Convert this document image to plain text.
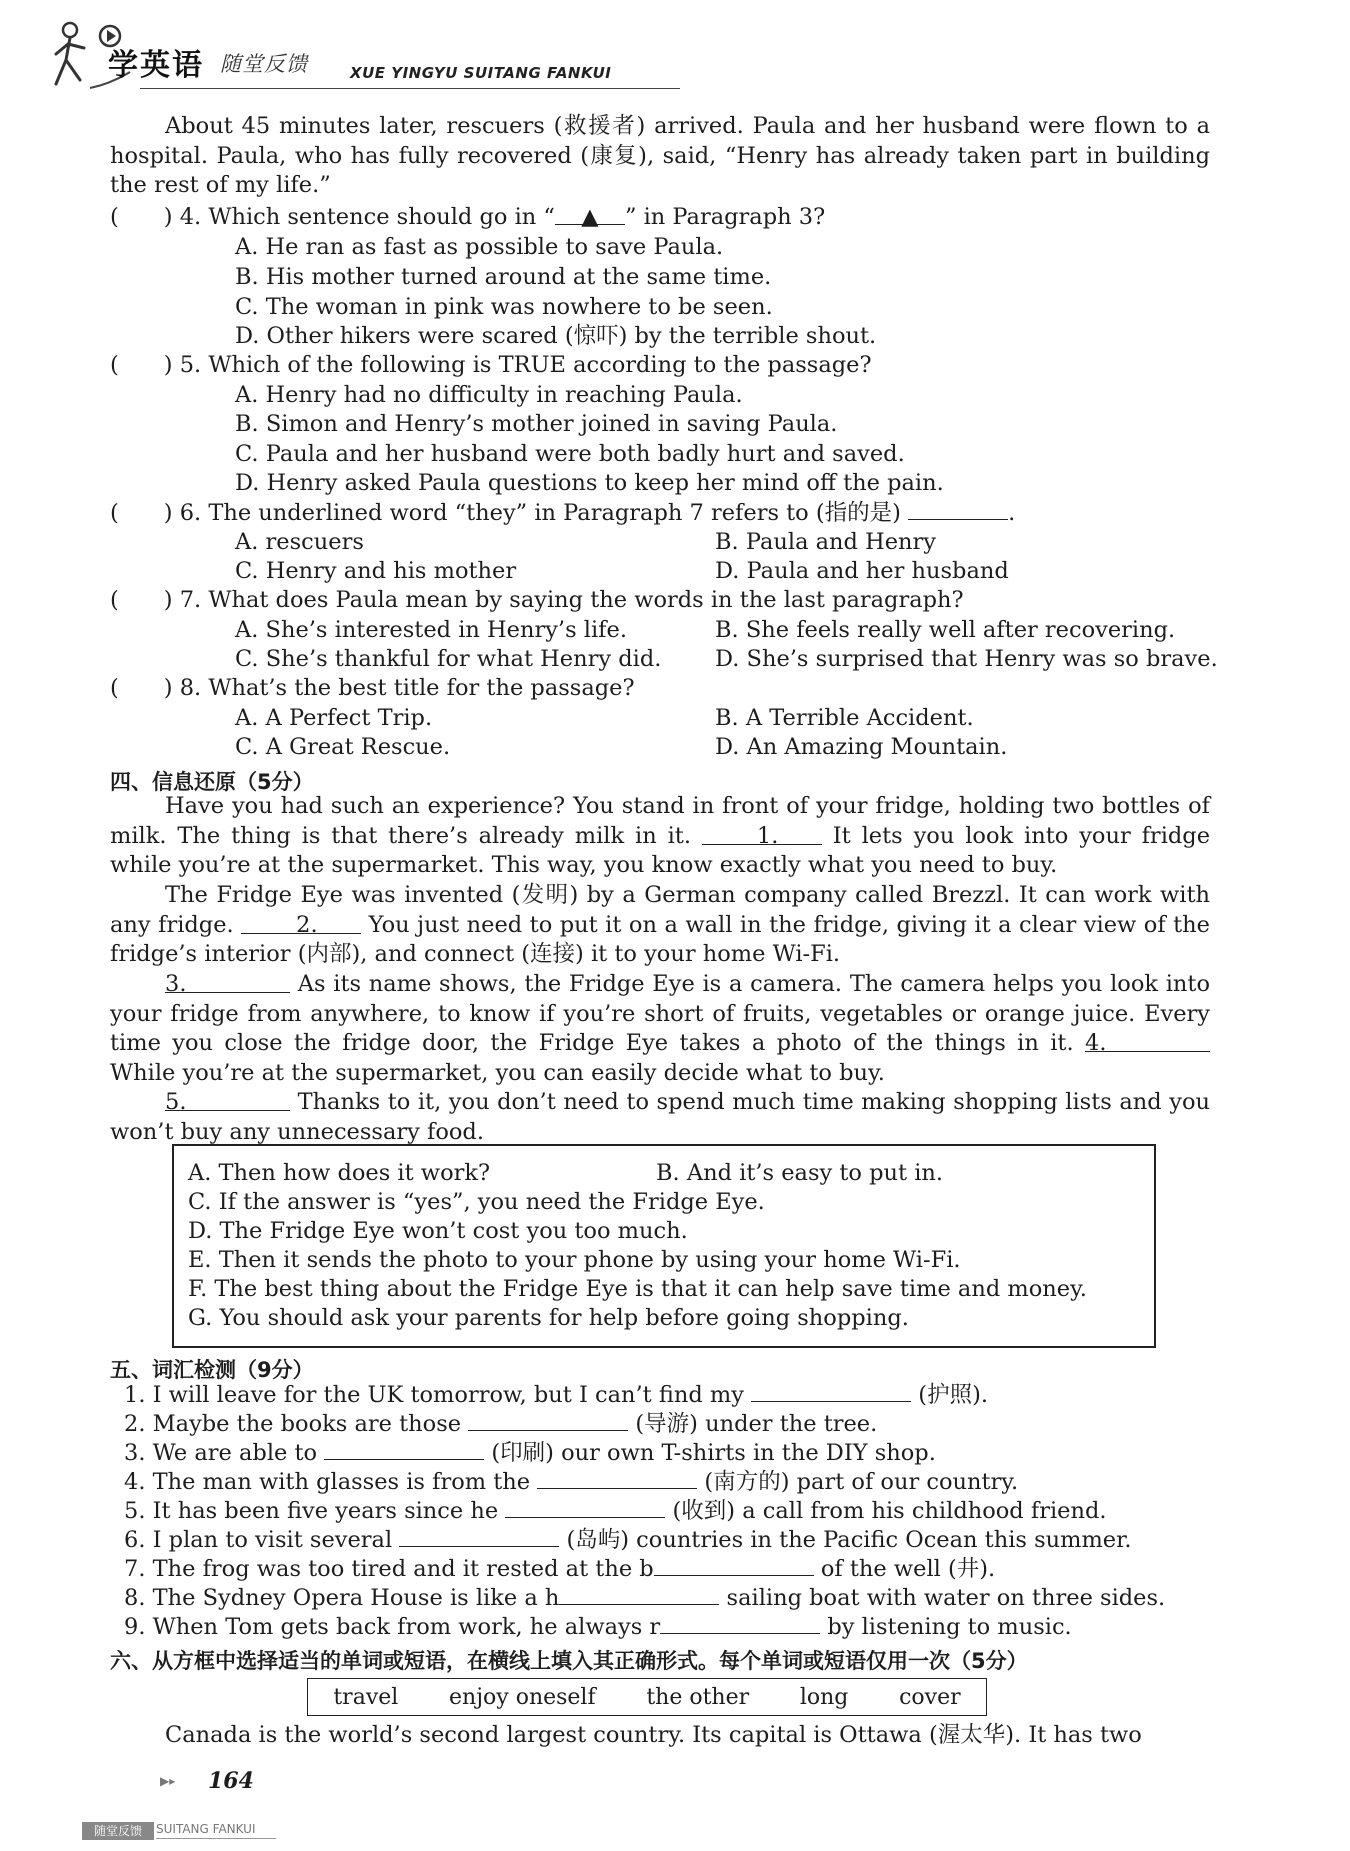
学英语 随堂反馈	XUE YINGYU SUITANG FANKUI
About 45 minutes later, rescuers (救援者) arrived. Paula and her husband were flown to a hospital. Paula, who has fully recovered (康复), said, “Henry has already taken part in building the rest of my life.”
(　　) 4. Which sentence should go in “ ▲ ” in Paragraph 3?
A. He ran as fast as possible to save Paula.
B. His mother turned around at the same time.
C. The woman in pink was nowhere to be seen.
D. Other hikers were scared (惊吓) by the terrible shout.
(　　) 5. Which of the following is TRUE according to the passage?
A. Henry had no difficulty in reaching Paula.
B. Simon and Henry’s mother joined in saving Paula.
C. Paula and her husband were both badly hurt and saved.
D. Henry asked Paula questions to keep her mind off the pain.
(　　) 6. The underlined word “they” in Paragraph 7 refers to (指的是)	.
A. rescuers	B. Paula and Henry
C. Henry and his mother	D. Paula and her husband
(　　) 7. What does Paula mean by saying the words in the last paragraph?
A. She’s interested in Henry’s life.	B. She feels really well after recovering.
C. She’s thankful for what Henry did. D. She’s surprised that Henry was so brave.
(　　) 8. What’s the best title for the passage?
A. A Perfect Trip.	B. A Terrible Accident.
C. A Great Rescue.	D. An Amazing Mountain.
四、信息还原（5分）
Have you had such an experience? You stand in front of your fridge, holding two bottles of milk. The thing is that there’s already milk in it.	1. It lets you look into your fridge while you’re at the supermarket. This way, you know exactly what you need to buy.
The Fridge Eye was invented (发明) by a German company called Brezzl. It can work with any fridge.	2. You just need to put it on a wall in the fridge, giving it a clear view of the fridge’s interior (内部), and connect (连接) it to your home Wi-Fi.
3.	As its name shows, the Fridge Eye is a camera. The camera helps you look into your fridge from anywhere, to know if you’re short of fruits, vegetables or orange juice. Every time you close the fridge door, the Fridge Eye takes a photo of the things in it. 4. While you’re at the supermarket, you can easily decide what to buy.
5.	Thanks to it, you don’t need to spend much time making shopping lists and you won’t buy any unnecessary food.
A. Then how does it work?	B. And it’s easy to put in.
C. If the answer is “yes”, you need the Fridge Eye.
D. The Fridge Eye won’t cost you too much.
E. Then it sends the photo to your phone by using your home Wi-Fi.
F. The best thing about the Fridge Eye is that it can help save time and money.
G. You should ask your parents for help before going shopping.
五、词汇检测（9分）
1. I will leave for the UK tomorrow, but I can’t find my	(护照).
2. Maybe the books are those	(导游) under the tree.
3. We are able to	(印刷) our own T-shirts in the DIY shop.
4. The man with glasses is from the	(南方的) part of our country.
5. It has been five years since he	(收到) a call from his childhood friend.
6. I plan to visit several	(岛屿) countries in the Pacific Ocean this summer.
7. The frog was too tired and it rested at the b	of the well (井).
8. The Sydney Opera House is like a h	sailing boat with water on three sides.
9. When Tom gets back from work, he always r	by listening to music.
六、从方框中选择适当的单词或短语，在横线上填入其正确形式。每个单词或短语仅用一次（5分）
travel enjoy oneself the other long cover
Canada is the world’s second largest country. Its capital is Ottawa (渥太华). It has two
▶▸ 164
随堂反馈	SUITANG FANKUI
